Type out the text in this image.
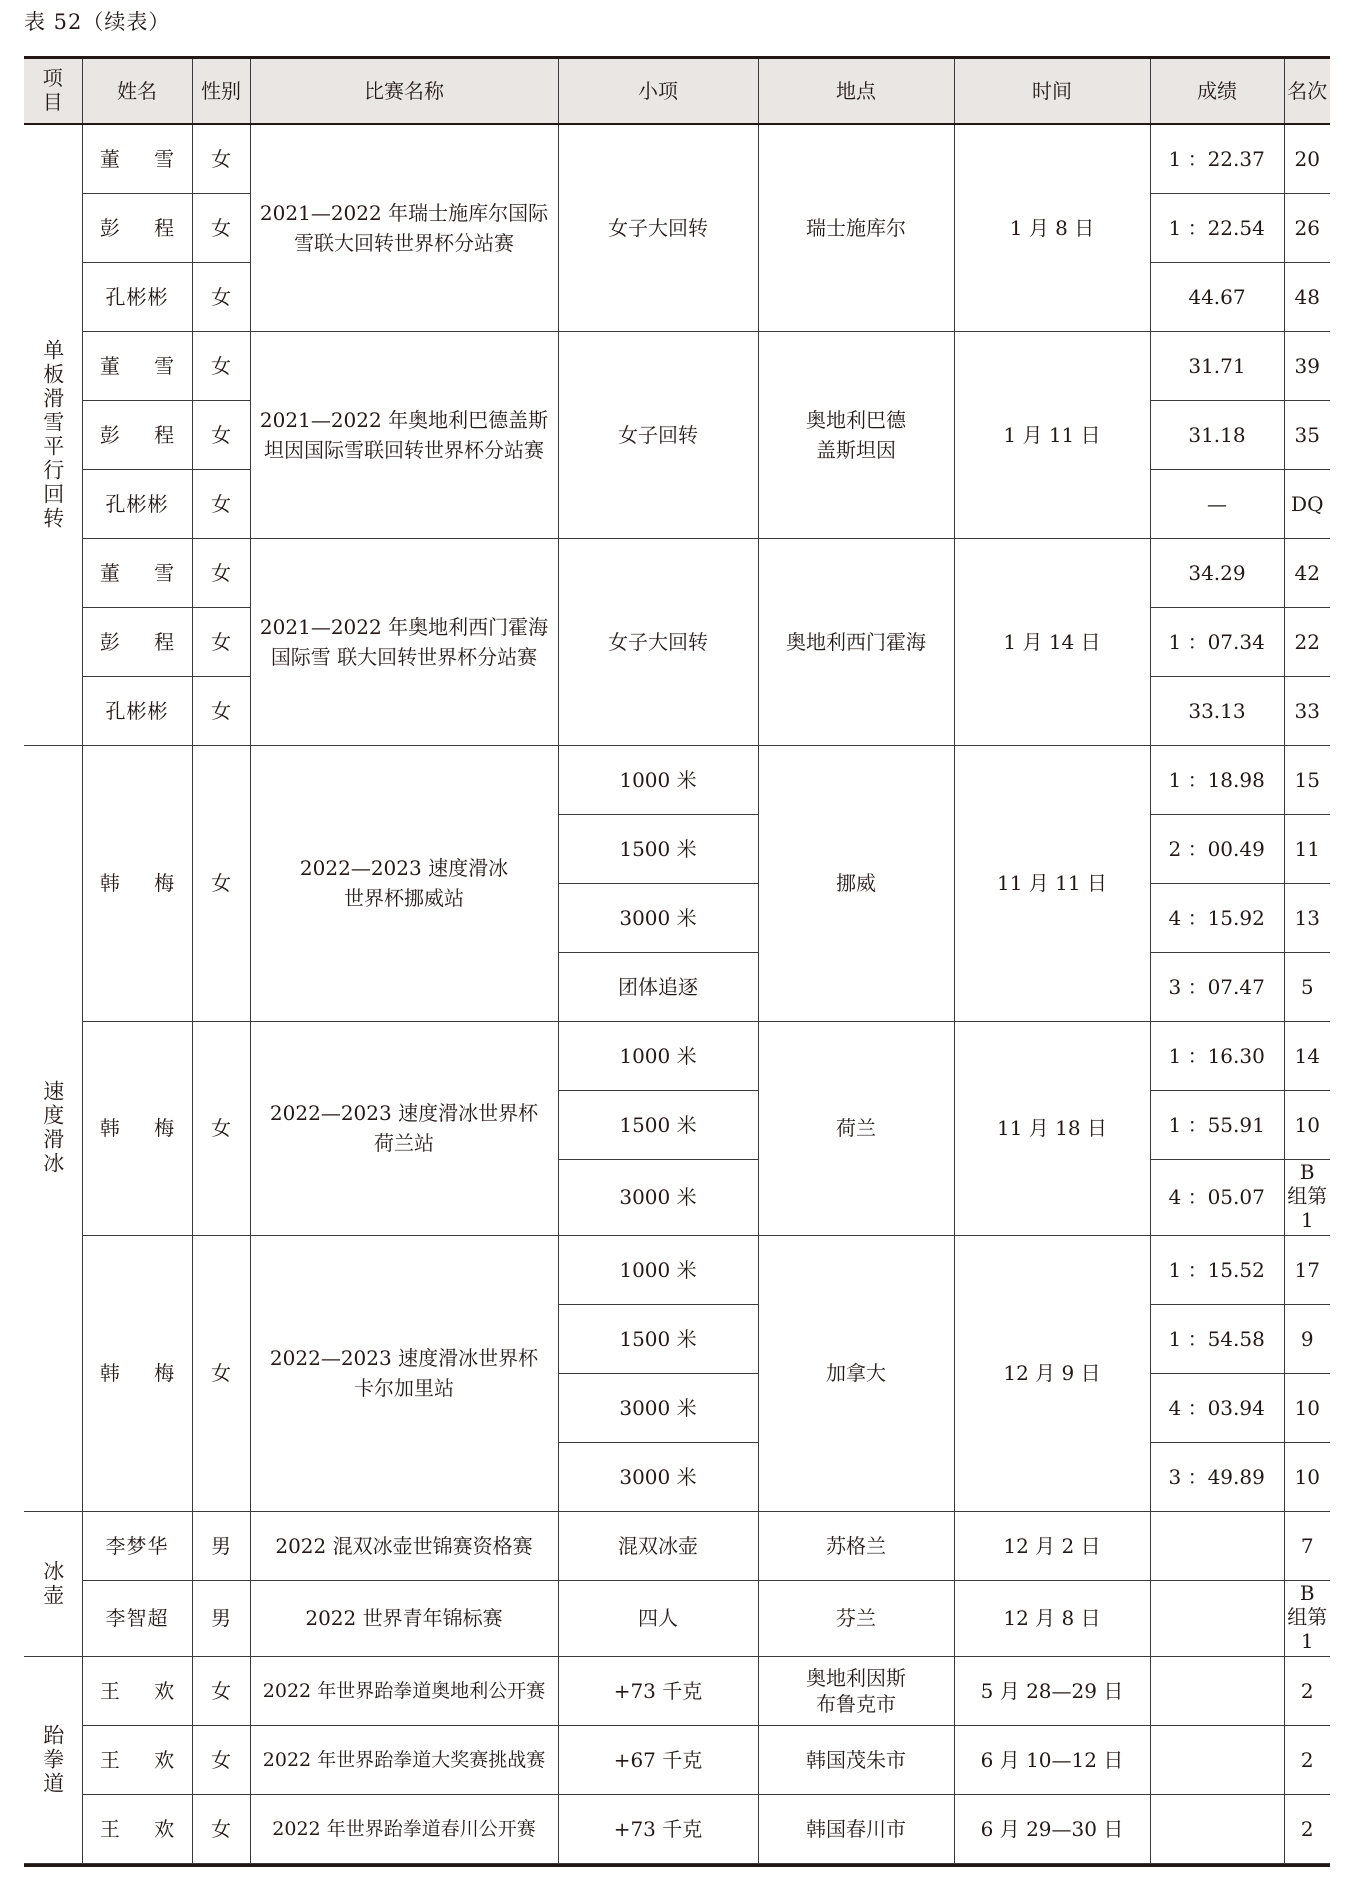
表 52（续表）
项目	姓名	性别	比赛名称	小项	地点	时间	成绩	名次

单板滑雪平行回转	董 雪	女	2021—2022 年瑞士施库尔国际雪联大回转世界杯分站赛	女子大回转	瑞士施库尔	1 月 8 日	1 ：22.37	20
	彭 程	女					1 ：22.54	26
	孔彬彬	女					44.67	48
	董 雪	女	2021—2022 年奥地利巴德盖斯坦因国际雪联回转世界杯分站赛	女子回转	奥地利巴德盖斯坦因	1 月 11 日	31.71	39
	彭 程	女					31.18	35
	孔彬彬	女					—	DQ
	董 雪	女	2021—2022 年奥地利西门霍海国际雪 联大回转世界杯分站赛	女子大回转	奥地利西门霍海	1 月 14 日	34.29	42
	彭 程	女					1 ：07.34	22
	孔彬彬	女					33.13	33

速度滑冰	韩 梅	女	2022—2023 速度滑冰世界杯挪威站	1000 米	挪威	11 月 11 日	1 ：18.98	15
				1500 米			2 ：00.49	11
				3000 米			4 ：15.92	13
				团体追逐			3 ：07.47	5
	韩 梅	女	2022—2023 速度滑冰世界杯荷兰站	1000 米	荷兰	11 月 18 日	1 ：16.30	14
				1500 米			1 ：55.91	10
				3000 米			4 ：05.07	B 组第1
	韩 梅	女	2022—2023 速度滑冰世界杯卡尔加里站	1000 米	加拿大	12 月 9 日	1 ：15.52	17
				1500 米			1 ：54.58	9
				3000 米			4 ：03.94	10
				3000 米			3 ：49.89	10

冰壶	李梦华	男	2022 混双冰壶世锦赛资格赛	混双冰壶	苏格兰	12 月 2 日		7
	李智超	男	2022 世界青年锦标赛	四人	芬兰	12 月 8 日		B 组第 1

跆拳道	王 欢	女	2022 年世界跆拳道奥地利公开赛	+73 千克	奥地利因斯布鲁克市	5 月 28—29 日		2
	王 欢	女	2022 年世界跆拳道大奖赛挑战赛	+67 千克	韩国茂朱市	6 月 10—12 日		2
	王 欢	女	2022 年世界跆拳道春川公开赛	+73 千克	韩国春川市	6 月 29—30 日		2
